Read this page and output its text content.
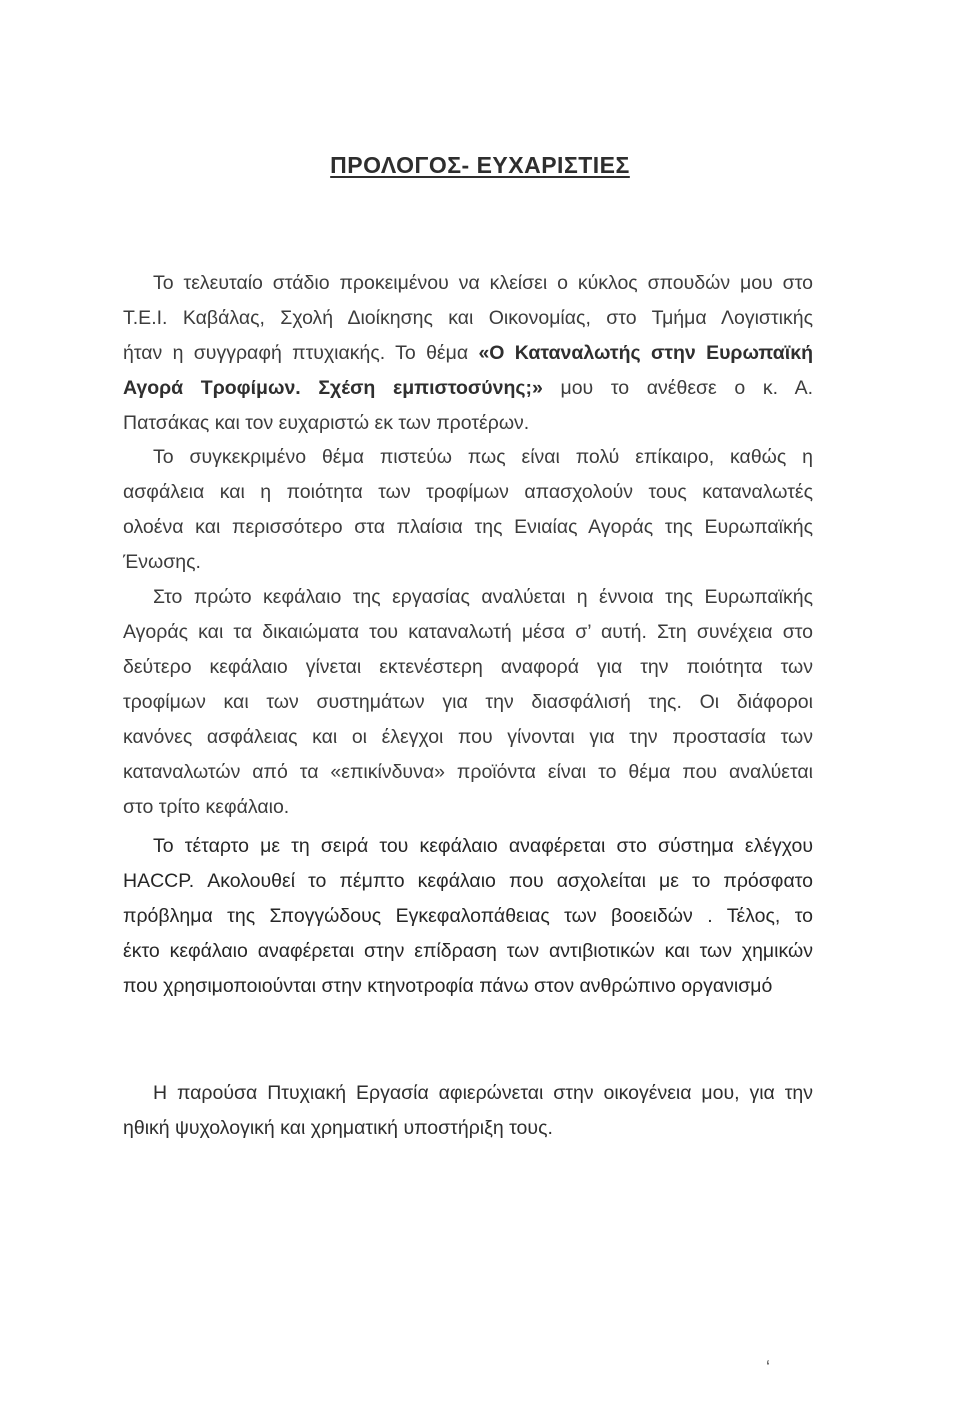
ΠΡΟΛΟΓΟΣ- ΕΥΧΑΡΙΣΤΙΕΣ
Το τελευταίο στάδιο προκειμένου να κλείσει ο κύκλος σπουδών μου στο
Τ.Ε.Ι. Καβάλας, Σχολή Διοίκησης και Οικονομίας, στο Τμήμα Λογιστικής
ήταν η συγγραφή πτυχιακής. Το θέμα «Ο Καταναλωτής στην Ευρωπαϊκή
Αγορά Τροφίμων. Σχέση εμπιστοσύνης;» μου το ανέθεσε ο κ. Α.
Πατσάκας και τον ευχαριστώ εκ των προτέρων.
Το συγκεκριμένο θέμα πιστεύω πως είναι πολύ επίκαιρο, καθώς η
ασφάλεια και η ποιότητα των τροφίμων απασχολούν τους καταναλωτές
ολοένα και περισσότερο στα πλαίσια της Ενιαίας Αγοράς της Ευρωπαϊκής
Ένωσης.
Στο πρώτο κεφάλαιο της εργασίας αναλύεται η έννοια της Ευρωπαϊκής
Αγοράς και τα δικαιώματα του καταναλωτή μέσα σ’ αυτή. Στη συνέχεια στο
δεύτερο κεφάλαιο γίνεται εκτενέστερη αναφορά για την ποιότητα των
τροφίμων και των συστημάτων για την διασφάλισή της. Οι διάφοροι
κανόνες ασφάλειας και οι έλεγχοι που γίνονται για την προστασία των
καταναλωτών από τα «επικίνδυνα» προϊόντα είναι το θέμα που αναλύεται
στο τρίτο κεφάλαιο.
Το τέταρτο με τη σειρά του κεφάλαιο αναφέρεται στο σύστημα ελέγχου
HACCP. Ακολουθεί το πέμπτο κεφάλαιο που ασχολείται με το πρόσφατο
πρόβλημα της Σπογγώδους Εγκεφαλοπάθειας των βοοειδών . Τέλος, το
έκτο κεφάλαιο αναφέρεται στην επίδραση των αντιβιοτικών και των χημικών
που χρησιμοποιούνται στην κτηνοτροφία πάνω στον ανθρώπινο οργανισμό
Η παρούσα Πτυχιακή Εργασία αφιερώνεται στην οικογένεια μου, για την
ηθική ψυχολογική και χρηματική υποστήριξη τους.
ʻ
